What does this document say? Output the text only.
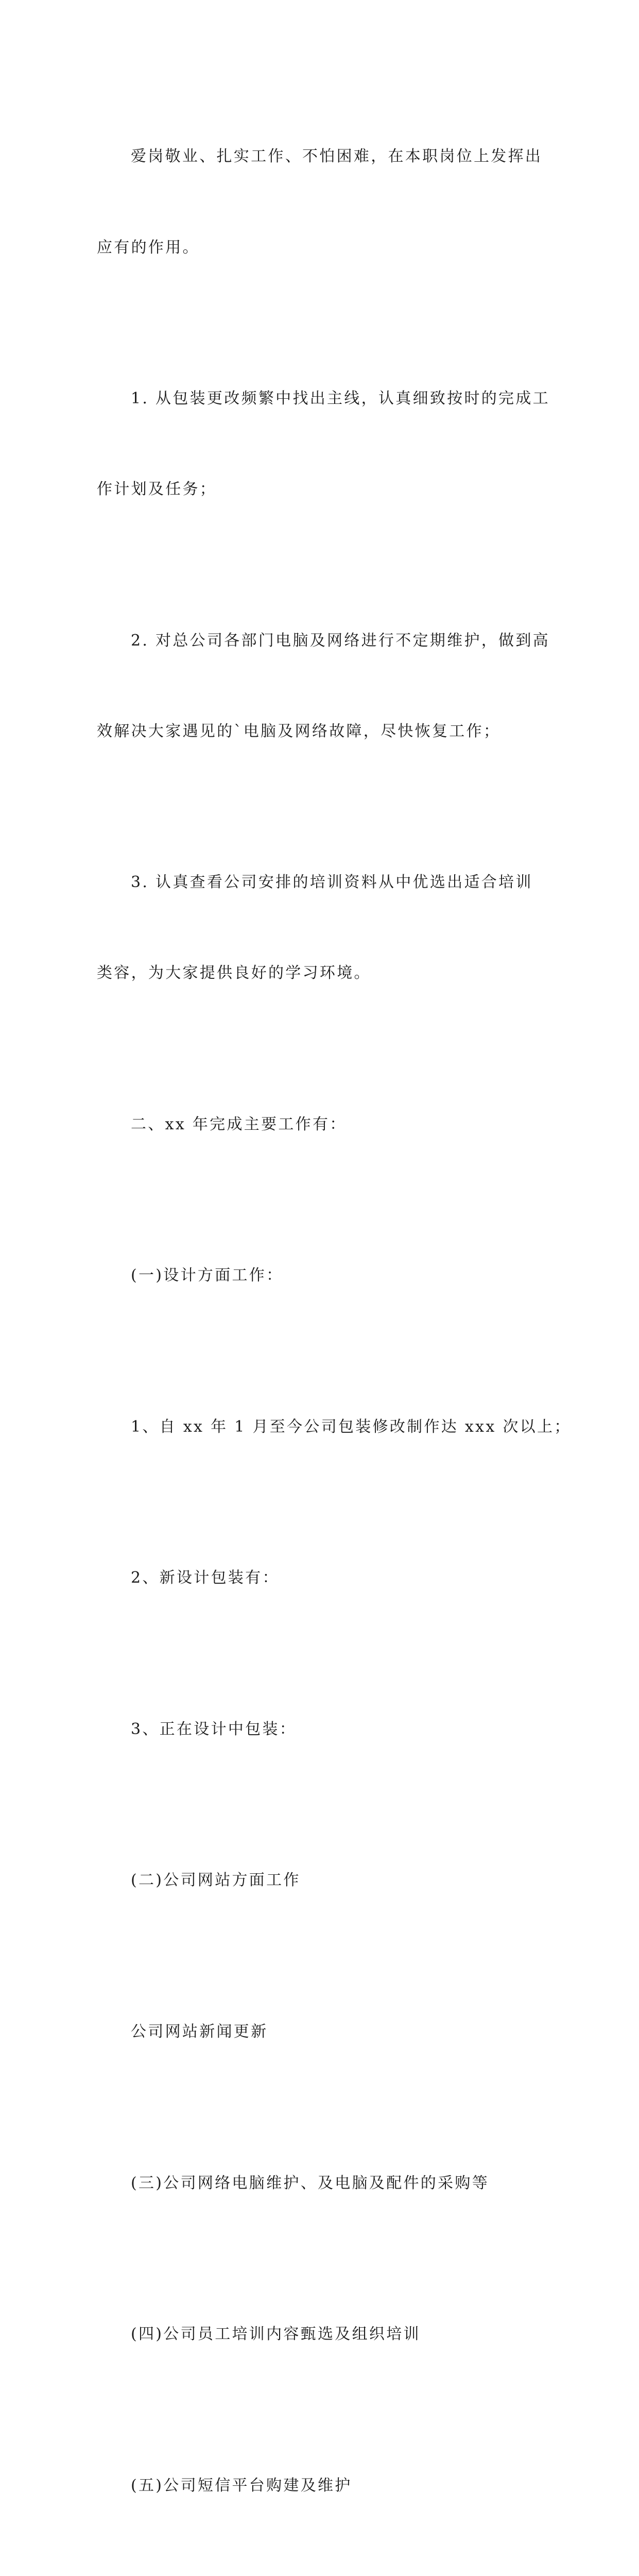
爱岗敬业、扎实工作、不怕困难，在本职岗位上发挥出

应有的作用。

1. 从包装更改频繁中找出主线，认真细致按时的完成工

作计划及任务；

2. 对总公司各部门电脑及网络进行不定期维护，做到高

效解决大家遇见的`电脑及网络故障，尽快恢复工作；

3. 认真查看公司安排的培训资料从中优选出适合培训

类容，为大家提供良好的学习环境。

二、xx 年完成主要工作有：

(一)设计方面工作：

1、自 xx 年 1 月至今公司包装修改制作达 xxx 次以上；

2、新设计包装有：

3、正在设计中包装：

(二)公司网站方面工作

公司网站新闻更新

(三)公司网络电脑维护、及电脑及配件的采购等

(四)公司员工培训内容甄选及组织培训

(五)公司短信平台购建及维护
